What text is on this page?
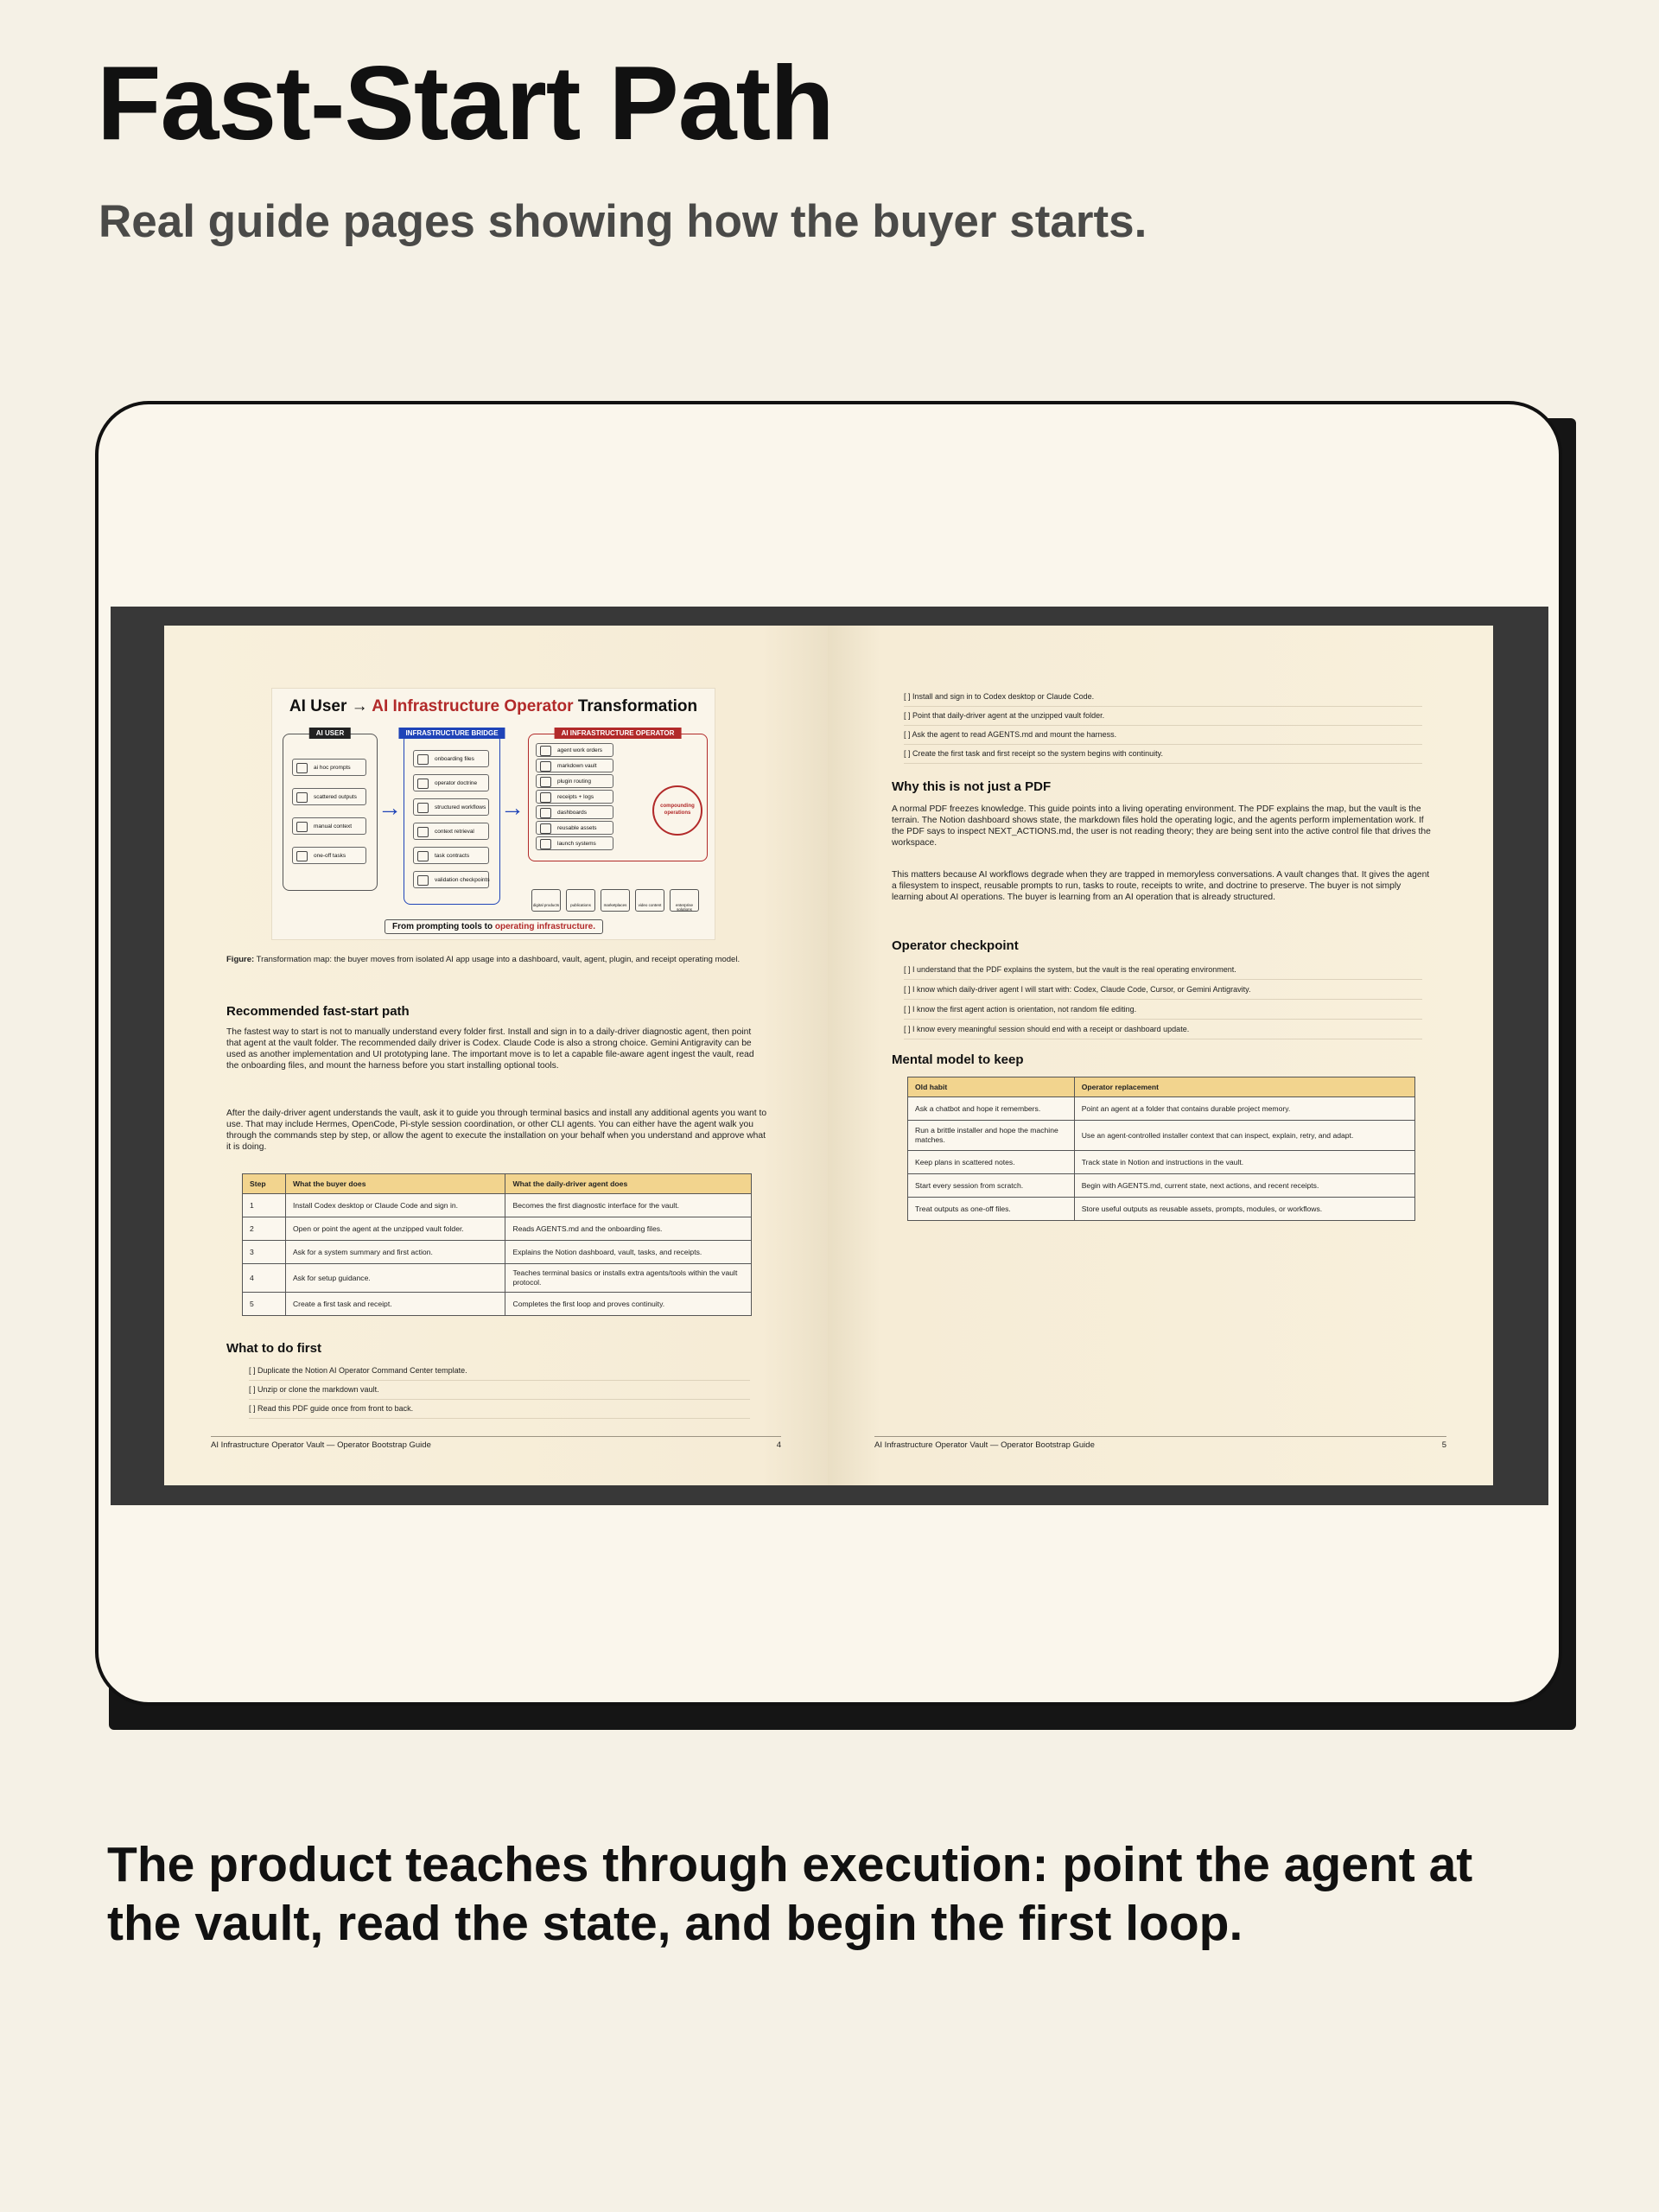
Fast-Start Path

Real guide pages showing how the buyer starts.

AI User → AI Infrastructure Operator Transformation
AI USER
ai hoc prompts
scattered outputs
manual context
one-off tasks
→
INFRASTRUCTURE BRIDGE
onboarding files
operator doctrine
structured workflows
context retrieval
task contracts
validation checkpoints
→
AI INFRASTRUCTURE OPERATOR
agent work orders
markdown vault
plugin routing
receipts + logs
dashboards
reusable assets
launch systems
compounding operations
digital products	publications	marketplaces	video content	enterprise solutions
From prompting tools to operating infrastructure.
Figure: Transformation map: the buyer moves from isolated AI app usage into a dashboard, vault, agent, plugin, and receipt operating model.
Recommended fast-start path
The fastest way to start is not to manually understand every folder first. Install and sign in to a daily-driver diagnostic agent, then point that agent at the vault folder. The recommended daily driver is Codex. Claude Code is also a strong choice. Gemini Antigravity can be used as another implementation and UI prototyping lane. The important move is to let a capable file-aware agent ingest the vault, read the onboarding files, and mount the harness before you start installing optional tools.
After the daily-driver agent understands the vault, ask it to guide you through terminal basics and install any additional agents you want to use. That may include Hermes, OpenCode, Pi-style session coordination, or other CLI agents. You can either have the agent walk you through the commands step by step, or allow the agent to execute the installation on your behalf when you understand and approve what it is doing.
Step	What the buyer does	What the daily-driver agent does
1	Install Codex desktop or Claude Code and sign in.	Becomes the first diagnostic interface for the vault.
2	Open or point the agent at the unzipped vault folder.	Reads AGENTS.md and the onboarding files.
3	Ask for a system summary and first action.	Explains the Notion dashboard, vault, tasks, and receipts.
4	Ask for setup guidance.	Teaches terminal basics or installs extra agents/tools within the vault protocol.
5	Create a first task and receipt.	Completes the first loop and proves continuity.
What to do first
[ ] Duplicate the Notion AI Operator Command Center template.
[ ] Unzip or clone the markdown vault.
[ ] Read this PDF guide once from front to back.
AI Infrastructure Operator Vault — Operator Bootstrap Guide	4
[ ] Install and sign in to Codex desktop or Claude Code.
[ ] Point that daily-driver agent at the unzipped vault folder.
[ ] Ask the agent to read AGENTS.md and mount the harness.
[ ] Create the first task and first receipt so the system begins with continuity.
Why this is not just a PDF
A normal PDF freezes knowledge. This guide points into a living operating environment. The PDF explains the map, but the vault is the terrain. The Notion dashboard shows state, the markdown files hold the operating logic, and the agents perform implementation work. If the PDF says to inspect NEXT_ACTIONS.md, the user is not reading theory; they are being sent into the active control file that drives the workspace.
This matters because AI workflows degrade when they are trapped in memoryless conversations. A vault changes that. It gives the agent a filesystem to inspect, reusable prompts to run, tasks to route, receipts to write, and doctrine to preserve. The buyer is not simply learning about AI operations. The buyer is learning from an AI operation that is already structured.
Operator checkpoint
[ ] I understand that the PDF explains the system, but the vault is the real operating environment.
[ ] I know which daily-driver agent I will start with: Codex, Claude Code, Cursor, or Gemini Antigravity.
[ ] I know the first agent action is orientation, not random file editing.
[ ] I know every meaningful session should end with a receipt or dashboard update.
Mental model to keep
Old habit	Operator replacement
Ask a chatbot and hope it remembers.	Point an agent at a folder that contains durable project memory.
Run a brittle installer and hope the machine matches.	Use an agent-controlled installer context that can inspect, explain, retry, and adapt.
Keep plans in scattered notes.	Track state in Notion and instructions in the vault.
Start every session from scratch.	Begin with AGENTS.md, current state, next actions, and recent receipts.
Treat outputs as one-off files.	Store useful outputs as reusable assets, prompts, modules, or workflows.
AI Infrastructure Operator Vault — Operator Bootstrap Guide	5

The product teaches through execution: point the agent at the vault, read the state, and begin the first loop.
